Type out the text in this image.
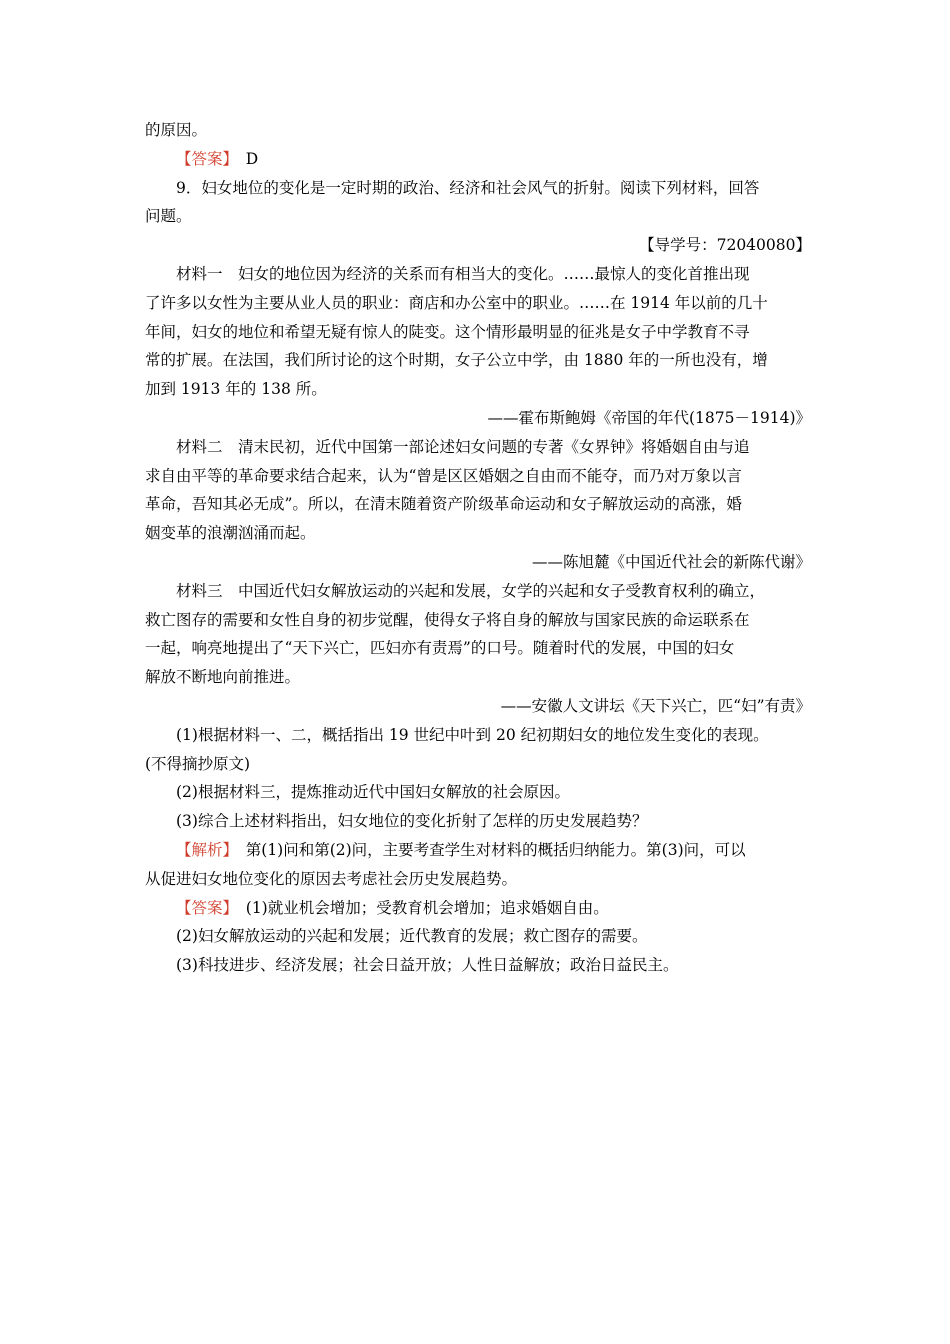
的原因。
【答案】　 D
9．妇女地位的变化是一定时期的政治、经济和社会风气的折射。阅读下列材料，回答
问题。
【导学号：72040080】
材料一　妇女的地位因为经济的关系而有相当大的变化。……最惊人的变化首推出现
了许多以女性为主要从业人员的职业：商店和办公室中的职业。……在 1914 年以前的几十
年间，妇女的地位和希望无疑有惊人的陡变。这个情形最明显的征兆是女子中学教育不寻
常的扩展。在法国，我们所讨论的这个时期，女子公立中学，由 1880 年的一所也没有，增
加到 1913 年的 138 所。
——霍布斯鲍姆《帝国的年代(1875－1914)》
材料二　清末民初，近代中国第一部论述妇女问题的专著《女界钟》将婚姻自由与追
求自由平等的革命要求结合起来，认为“曾是区区婚姻之自由而不能夺，而乃对万象以言
革命，吾知其必无成”。所以，在清末随着资产阶级革命运动和女子解放运动的高涨，婚
姻变革的浪潮汹涌而起。
——陈旭麓《中国近代社会的新陈代谢》
材料三　中国近代妇女解放运动的兴起和发展，女学的兴起和女子受教育权利的确立，
救亡图存的需要和女性自身的初步觉醒，使得女子将自身的解放与国家民族的命运联系在
一起，响亮地提出了“天下兴亡，匹妇亦有责焉”的口号。随着时代的发展，中国的妇女
解放不断地向前推进。
——安徽人文讲坛《天下兴亡，匹“妇”有责》
(1)根据材料一、二，概括指出 19 世纪中叶到 20 纪初期妇女的地位发生变化的表现。
(不得摘抄原文)
(2)根据材料三，提炼推动近代中国妇女解放的社会原因。
(3)综合上述材料指出，妇女地位的变化折射了怎样的历史发展趋势？
【解析】　第(1)问和第(2)问，主要考查学生对材料的概括归纳能力。第(3)问，可以
从促进妇女地位变化的原因去考虑社会历史发展趋势。
【答案】　(1)就业机会增加；受教育机会增加；追求婚姻自由。
(2)妇女解放运动的兴起和发展；近代教育的发展；救亡图存的需要。
(3)科技进步、经济发展；社会日益开放；人性日益解放；政治日益民主。
